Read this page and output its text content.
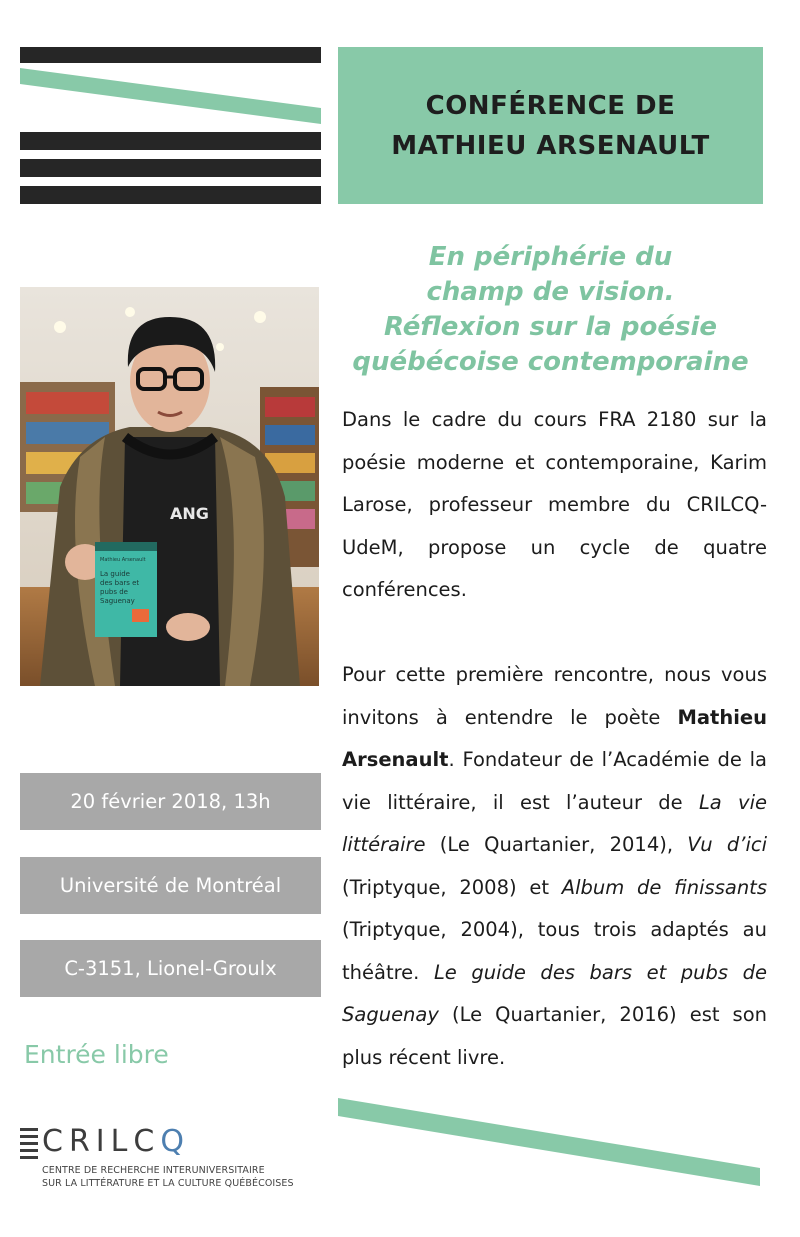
CONFÉRENCE DE
MATHIEU ARSENAULT
En périphérie du
champ de vision.
Réflexion sur la poésie
québécoise contemporaine
ANG
Mathieu Arsenault
La guide
des bars et
pubs de
Saguenay

Dans le cadre du cours FRA 2180 sur la poésie moderne et contemporaine, Karim Larose, professeur membre du CRILCQ-UdeM, propose un cycle de quatre conférences.

Pour cette première rencontre, nous vous invitons à entendre le poète Mathieu Arsenault. Fondateur de l’Académie de la vie littéraire, il est l’auteur de La vie littéraire (Le Quartanier, 2014), Vu d’ici (Triptyque, 2008) et Album de finissants (Triptyque, 2004), tous trois adaptés au théâtre. Le guide des bars et pubs de Saguenay (Le Quartanier, 2016) est son plus récent livre.

20 février 2018, 13h
Université de Montréal
C-3151, Lionel-Groulx
Entrée libre
CRILCQ
CENTRE DE RECHERCHE INTERUNIVERSITAIRE
SUR LA LITTÉRATURE ET LA CULTURE QUÉBÉCOISES
